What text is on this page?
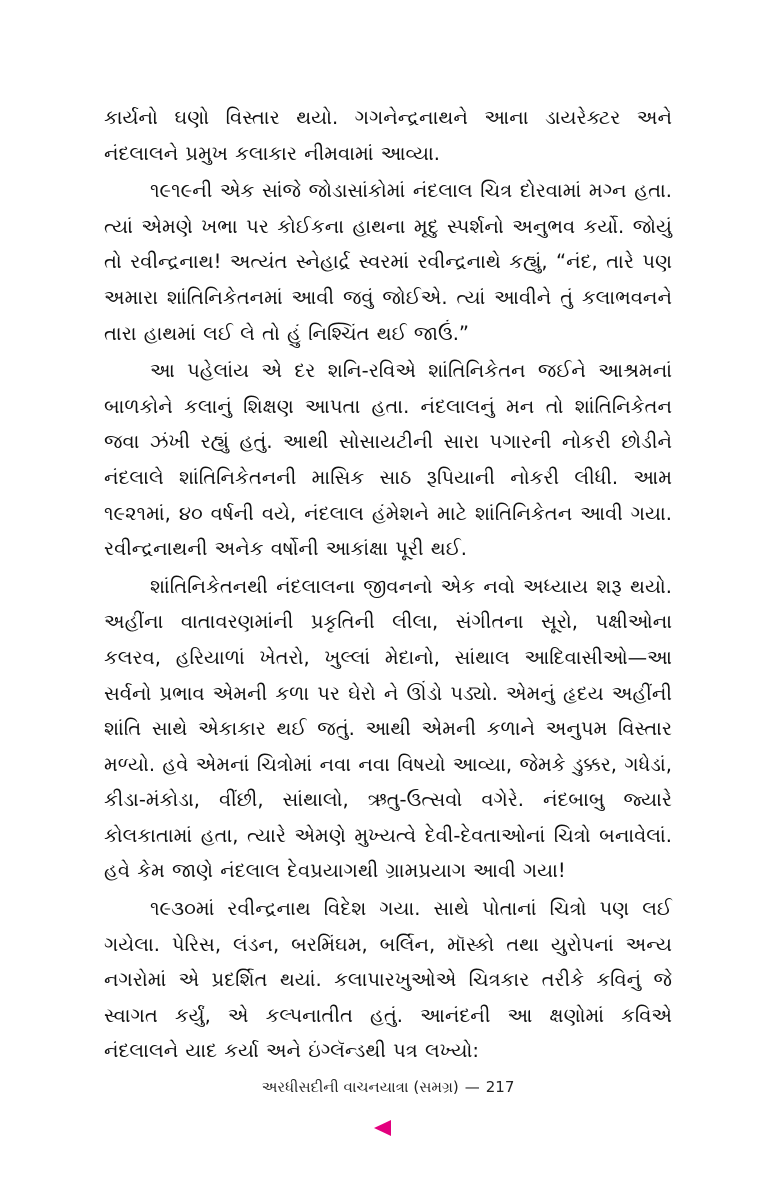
કાર્યનો ઘણો વિસ્તાર થયો. ગગનેન્દ્રનાથને આના ડાયરેક્ટર અને નંદલાલને પ્રમુખ કલાકાર નીમવામાં આવ્યા.

૧૯૧૯ની એક સાંજે જોડાસાંકોમાં નંદલાલ ચિત્ર દોરવામાં મગ્ન હતા. ત્યાં એમણે ખભા પર કોઈકના હાથના મૃદુ સ્પર્શનો અનુભવ કર્યો. જોયું તો રવીન્દ્રનાથ! અત્યંત સ્નેહાર્દ્ર સ્વરમાં રવીન્દ્રનાથે કહ્યું, “નંદ, તારે પણ અમારા શાંતિનિકેતનમાં આવી જવું જોઈએ. ત્યાં આવીને તું કલાભવનને તારા હાથમાં લઈ લે તો હું નિશ્ચિંત થઈ જાઉં.”

આ પહેલાંય એ દર શનિ-રવિએ શાંતિનિકેતન જઈને આશ્રમનાં બાળકોને કલાનું શિક્ષણ આપતા હતા. નંદલાલનું મન તો શાંતિનિકેતન જવા ઝંખી રહ્યું હતું. આથી સોસાયટીની સારા પગારની નોકરી છોડીને નંદલાલે શાંતિનિકેતનની માસિક સાઠ રૂપિયાની નોકરી લીધી. આમ ૧૯૨૧માં, ૪૦ વર્ષની વયે, નંદલાલ હંમેશને માટે શાંતિનિકેતન આવી ગયા. રવીન્દ્રનાથની અનેક વર્ષોની આકાંક્ષા પૂરી થઈ.

શાંતિનિકેતનથી નંદલાલના જીવનનો એક નવો અધ્યાય શરૂ થયો. અહીંના વાતાવરણમાંની પ્રકૃતિની લીલા, સંગીતના સૂરો, પક્ષીઓના કલરવ, હરિયાળાં ખેતરો, ખુલ્લાં મેદાનો, સાંથાલ આદિવાસીઓ—આ સર્વનો પ્રભાવ એમની કળા પર ઘેરો ને ઊંડો પડ્યો. એમનું હૃદય અહીંની શાંતિ સાથે એકાકાર થઈ જતું. આથી એમની કળાને અનુપમ વિસ્તાર મળ્યો. હવે એમનાં ચિત્રોમાં નવા નવા વિષયો આવ્યા, જેમકે ડુક્કર, ગધેડાં, કીડા-મંકોડા, વીંછી, સાંથાલો, ઋતુ-ઉત્સવો વગેરે. નંદબાબુ જ્યારે કોલકાતામાં હતા, ત્યારે એમણે મુખ્યત્વે દેવી-દેવતાઓનાં ચિત્રો બનાવેલાં. હવે કેમ જાણે નંદલાલ દેવપ્રયાગથી ગ્રામપ્રયાગ આવી ગયા!

૧૯૩૦માં રવીન્દ્રનાથ વિદેશ ગયા. સાથે પોતાનાં ચિત્રો પણ લઈ ગયેલા. પેરિસ, લંડન, બરમિંઘમ, બર્લિન, મૉસ્કો તથા યુરોપનાં અન્ય નગરોમાં એ પ્રદર્શિત થયાં. કલાપારખુઓએ ચિત્રકાર તરીકે કવિનું જે સ્વાગત કર્યું, એ કલ્પનાતીત હતું. આનંદની આ ક્ષણોમાં કવિએ નંદલાલને યાદ કર્યા અને ઇંગ્લૅન્ડથી પત્ર લખ્યો:

અરધીસદીની વાચનયાત્રા (સમગ્ર) — 217
